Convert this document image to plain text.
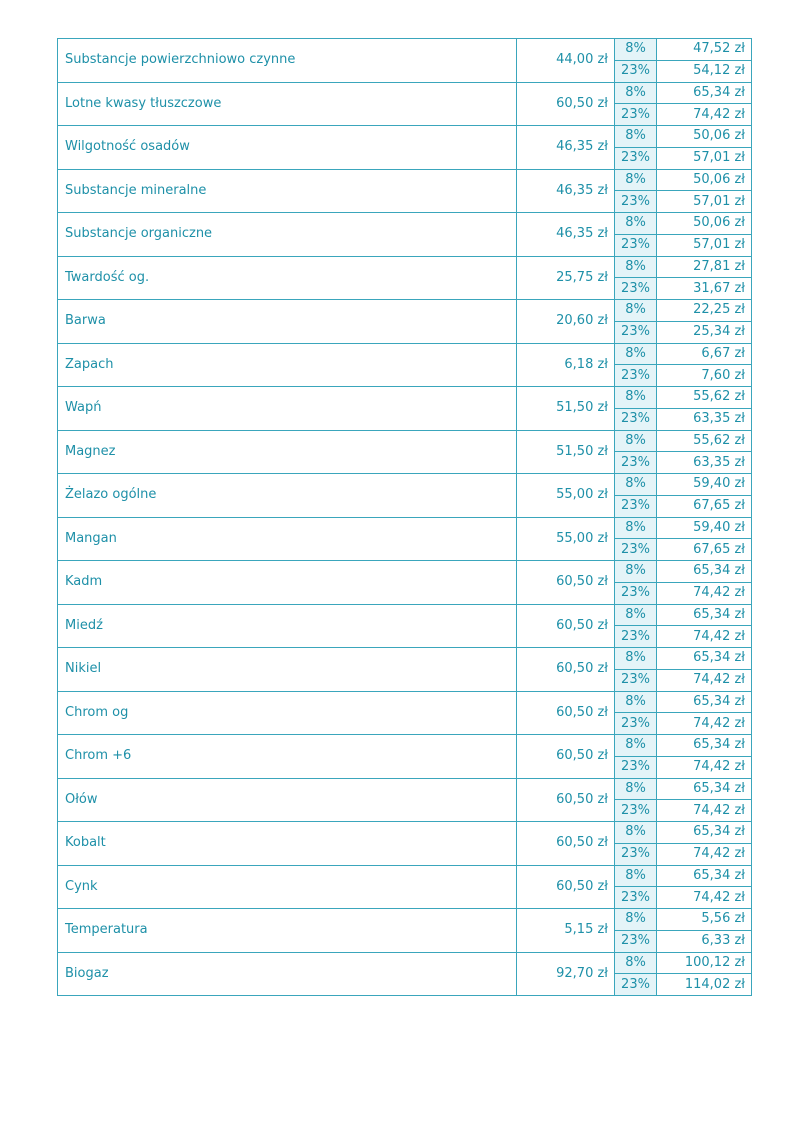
Substancje powierzchniowo czynne	44,00 zł	8%	47,52 zł
		23%	54,12 zł
Lotne kwasy tłuszczowe	60,50 zł	8%	65,34 zł
		23%	74,42 zł
Wilgotność osadów	46,35 zł	8%	50,06 zł
		23%	57,01 zł
Substancje mineralne	46,35 zł	8%	50,06 zł
		23%	57,01 zł
Substancje organiczne	46,35 zł	8%	50,06 zł
		23%	57,01 zł
Twardość og.	25,75 zł	8%	27,81 zł
		23%	31,67 zł
Barwa	20,60 zł	8%	22,25 zł
		23%	25,34 zł
Zapach	6,18 zł	8%	6,67 zł
		23%	7,60 zł
Wapń	51,50 zł	8%	55,62 zł
		23%	63,35 zł
Magnez	51,50 zł	8%	55,62 zł
		23%	63,35 zł
Żelazo ogólne	55,00 zł	8%	59,40 zł
		23%	67,65 zł
Mangan	55,00 zł	8%	59,40 zł
		23%	67,65 zł
Kadm	60,50 zł	8%	65,34 zł
		23%	74,42 zł
Miedź	60,50 zł	8%	65,34 zł
		23%	74,42 zł
Nikiel	60,50 zł	8%	65,34 zł
		23%	74,42 zł
Chrom og	60,50 zł	8%	65,34 zł
		23%	74,42 zł
Chrom +6	60,50 zł	8%	65,34 zł
		23%	74,42 zł
Ołów	60,50 zł	8%	65,34 zł
		23%	74,42 zł
Kobalt	60,50 zł	8%	65,34 zł
		23%	74,42 zł
Cynk	60,50 zł	8%	65,34 zł
		23%	74,42 zł
Temperatura	5,15 zł	8%	5,56 zł
		23%	6,33 zł
Biogaz	92,70 zł	8%	100,12 zł
		23%	114,02 zł
